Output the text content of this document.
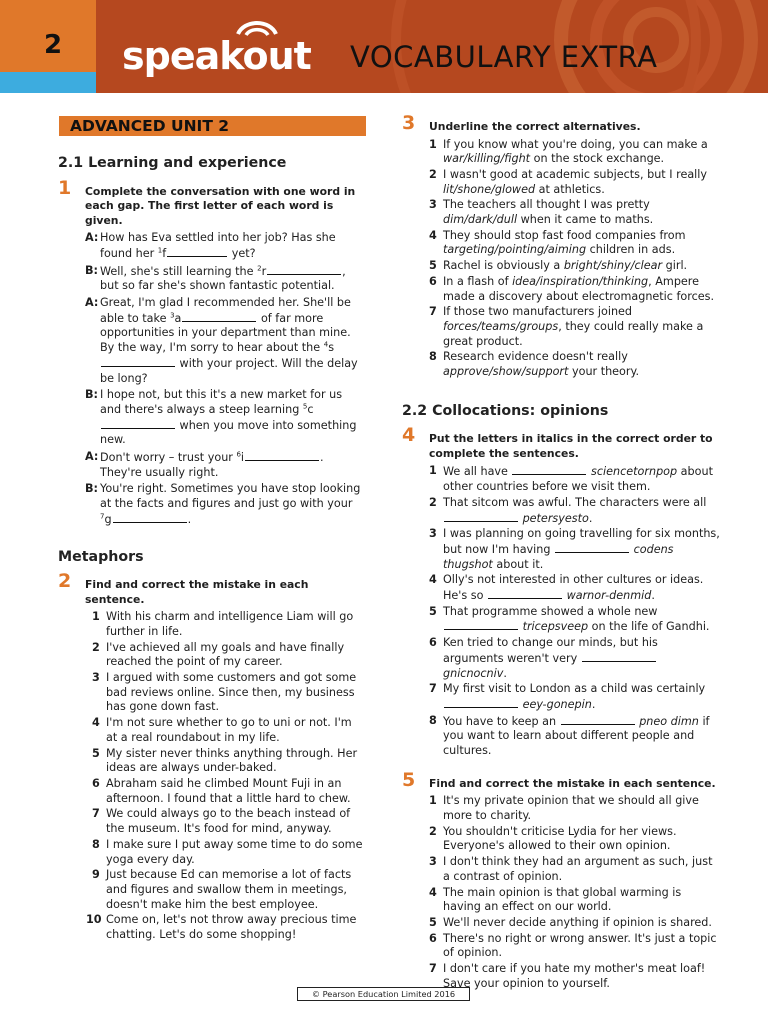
2 speakout VOCABULARY EXTRA
ADVANCED UNIT 2
2.1 Learning and experience
1 Complete the conversation with one word in each gap. The first letter of each word is given.
A: How has Eva settled into her job? Has she found her $^1$f	yet?
B: Well, she's still learning the $^2$r	, but so far she's shown fantastic potential.
A: Great, I'm glad I recommended her. She'll be able to take $^3$a	of far more opportunities in your department than mine. By the way, I'm sorry to hear about the $^4$s with your project. Will the delay be long?
B: I hope not, but this it's a new market for us and there's always a steep learning $^5$c when you move into something new.
A: Don't worry – trust your $^6$i	. They're usually right.
B: You're right. Sometimes you have stop looking at the facts and figures and just go with your $^7$g	.
Metaphors
2 Find and correct the mistake in each sentence.
1 With his charm and intelligence Liam will go further in life.
2 I've achieved all my goals and have finally reached the point of my career.
3 I argued with some customers and got some bad reviews online. Since then, my business has gone down fast.
4 I'm not sure whether to go to uni or not. I'm at a real roundabout in my life.
5 My sister never thinks anything through. Her ideas are always under-baked.
6 Abraham said he climbed Mount Fuji in an afternoon. I found that a little hard to chew.
7 We could always go to the beach instead of the museum. It's food for mind, anyway.
8 I make sure I put away some time to do some yoga every day.
9 Just because Ed can memorise a lot of facts and figures and swallow them in meetings, doesn't make him the best employee.
10 Come on, let's not throw away precious time chatting. Let's do some shopping!
3 Underline the correct alternatives.
1 If you know what you're doing, you can make a war/killing/fight on the stock exchange.
2 I wasn't good at academic subjects, but I really lit/shone/glowed at athletics.
3 The teachers all thought I was pretty dim/dark/dull when it came to maths.
4 They should stop fast food companies from targeting/pointing/aiming children in ads.
5 Rachel is obviously a bright/shiny/clear girl.
6 In a flash of idea/inspiration/thinking, Ampere made a discovery about electromagnetic forces.
7 If those two manufacturers joined forces/teams/groups, they could really make a great product.
8 Research evidence doesn't really approve/show/support your theory.
2.2 Collocations: opinions
4 Put the letters in italics in the correct order to complete the sentences.
1 We all have	sciencetornpop about other countries before we visit them.
2 That sitcom was awful. The characters were all  petersyesto.
3 I was planning on going travelling for six months, but now I'm having	codens thugshot about it.
4 Olly's not interested in other cultures or ideas. He's so	warnor-denmid.
5 That programme showed a whole new  tricepsveep on the life of Gandhi.
6 Ken tried to change our minds, but his arguments weren't very  gnicnocniv.
7 My first visit to London as a child was certainly  eey-gonepin.
8 You have to keep an	pneo dimn if you want to learn about different people and cultures.
5 Find and correct the mistake in each sentence.
1 It's my private opinion that we should all give more to charity.
2 You shouldn't criticise Lydia for her views. Everyone's allowed to their own opinion.
3 I don't think they had an argument as such, just a contrast of opinion.
4 The main opinion is that global warming is having an effect on our world.
5 We'll never decide anything if opinion is shared.
6 There's no right or wrong answer. It's just a topic of opinion.
7 I don't care if you hate my mother's meat loaf! Save your opinion to yourself.
© Pearson Education Limited 2016
